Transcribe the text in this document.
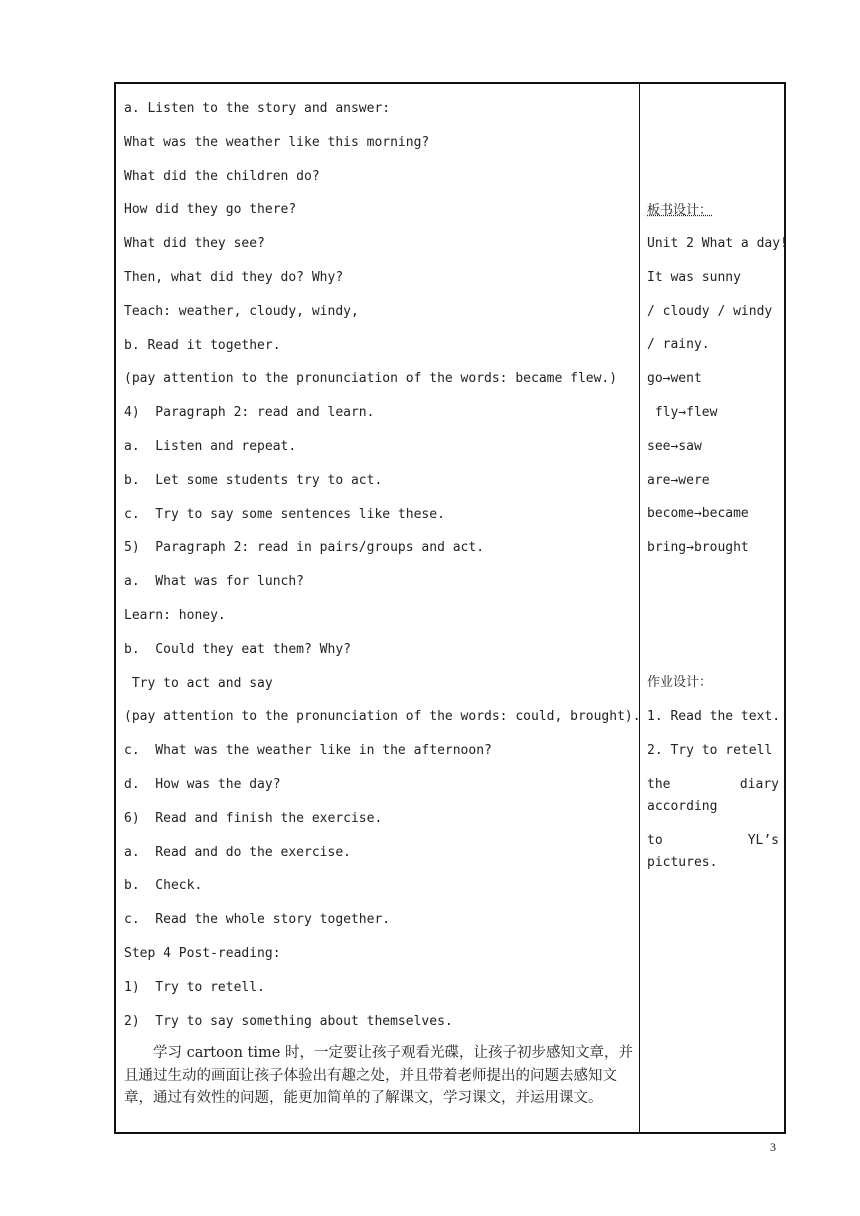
a. Listen to the story and answer:
What was the weather like this morning?
What did the children do?
How did they go there?
What did they see?
Then, what did they do? Why?
Teach: weather, cloudy, windy,
b. Read it together.
(pay attention to the pronunciation of the words: became flew.)
4)  Paragraph 2: read and learn.
a.  Listen and repeat.
b.  Let some students try to act.
c.  Try to say some sentences like these.
5)  Paragraph 2: read in pairs/groups and act.
a.  What was for lunch?
Learn: honey.
b.  Could they eat them? Why?
Try to act and say
(pay attention to the pronunciation of the words: could, brought).
c.  What was the weather like in the afternoon?
d.  How was the day?
6)  Read and finish the exercise.
a.  Read and do the exercise.
b.  Check.
c.  Read the whole story together.
Step 4 Post-reading:
1)  Try to retell.
2)  Try to say something about themselves.
学习 cartoon time 时，一定要让孩子观看光碟，让孩子初步感知文章，并且通过生动的画面让孩子体验出有趣之处，并且带着老师提出的问题去感知文章，通过有效性的问题，能更加简单的了解课文，学习课文，并运用课文。
板书设计：
Unit 2 What a day!
It was sunny
/ cloudy / windy
/ rainy.
go→went
fly→flew
see→saw
are→were
become→became
bring→brought
作业设计：
1. Read the text.
2. Try to retell
the	diary
according
to	YL’s
pictures.
3
